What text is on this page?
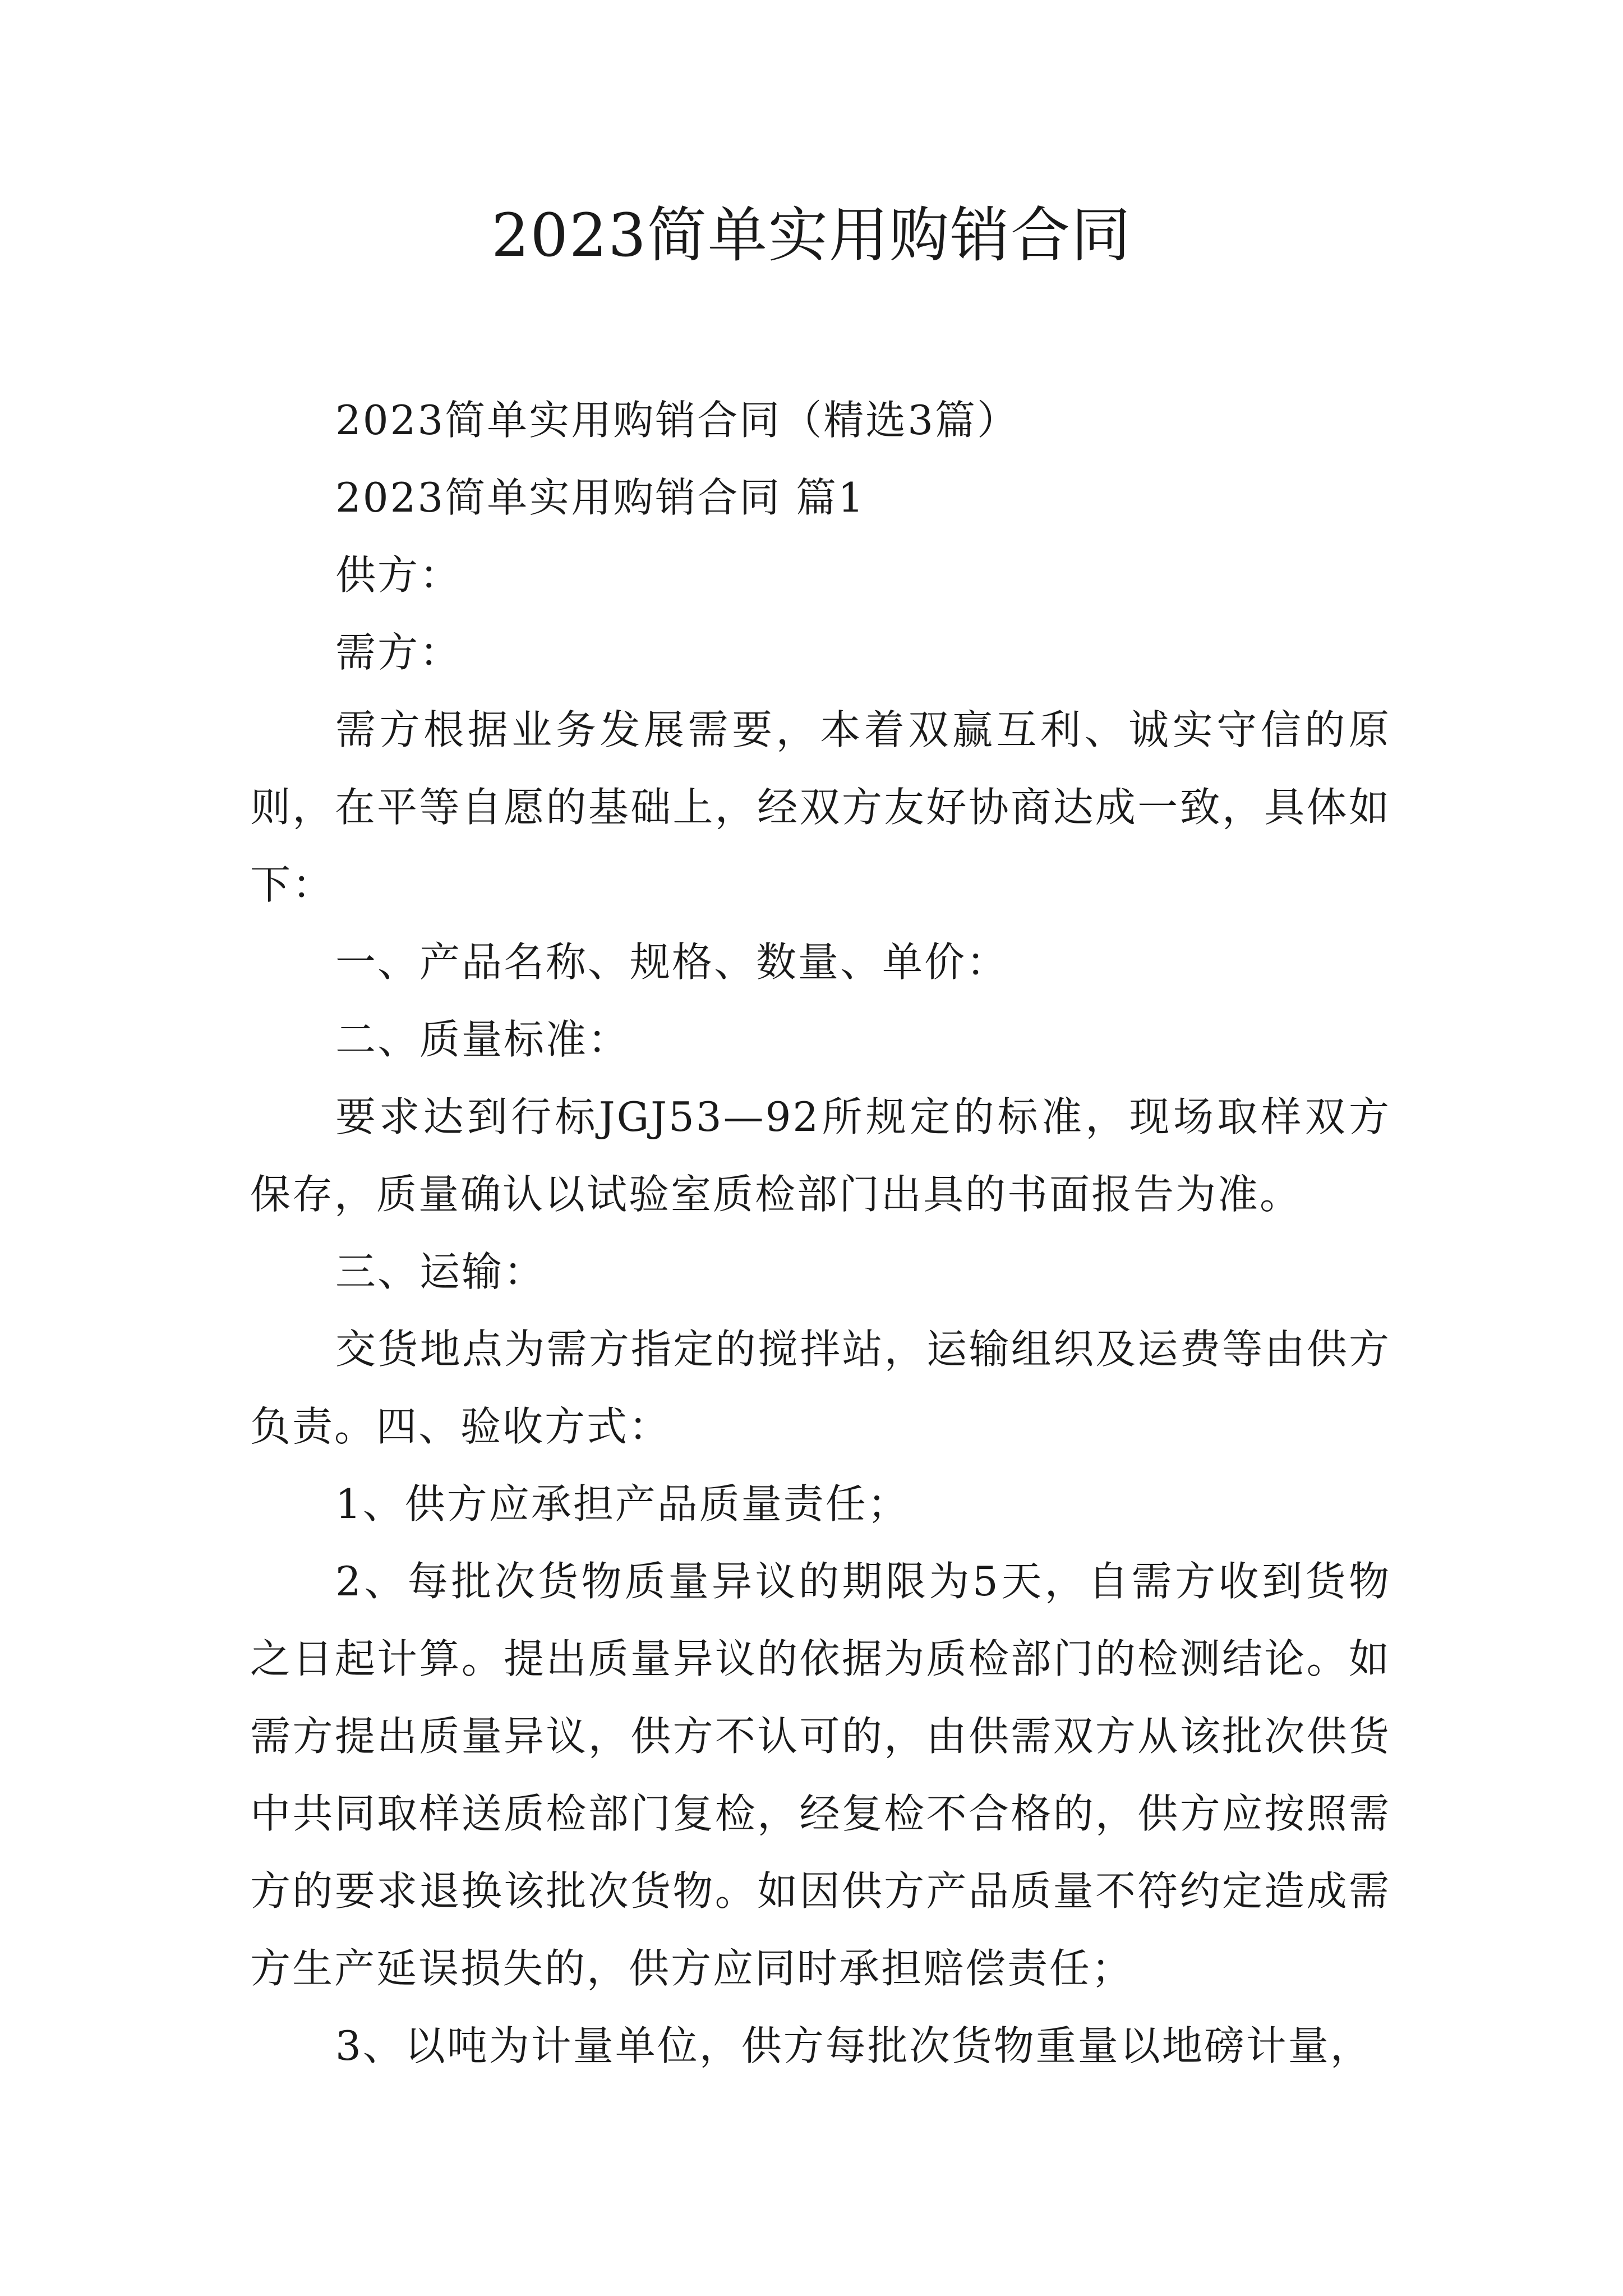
2023简单实用购销合同

2023简单实用购销合同（精选3篇）

2023简单实用购销合同 篇1

供方：

需方：

需方根据业务发展需要，本着双赢互利、诚实守信的原则，在平等自愿的基础上，经双方友好协商达成一致，具体如下：

一、产品名称、规格、数量、单价：

二、质量标准：

要求达到行标JGJ53—92所规定的标准，现场取样双方保存，质量确认以试验室质检部门出具的书面报告为准。

三、运输：

交货地点为需方指定的搅拌站，运输组织及运费等由供方负责。四、验收方式：

1、供方应承担产品质量责任；

2、每批次货物质量异议的期限为5天，自需方收到货物之日起计算。提出质量异议的依据为质检部门的检测结论。如需方提出质量异议，供方不认可的，由供需双方从该批次供货中共同取样送质检部门复检，经复检不合格的，供方应按照需方的要求退换该批次货物。如因供方产品质量不符约定造成需方生产延误损失的，供方应同时承担赔偿责任；

3、以吨为计量单位，供方每批次货物重量以地磅计量，
